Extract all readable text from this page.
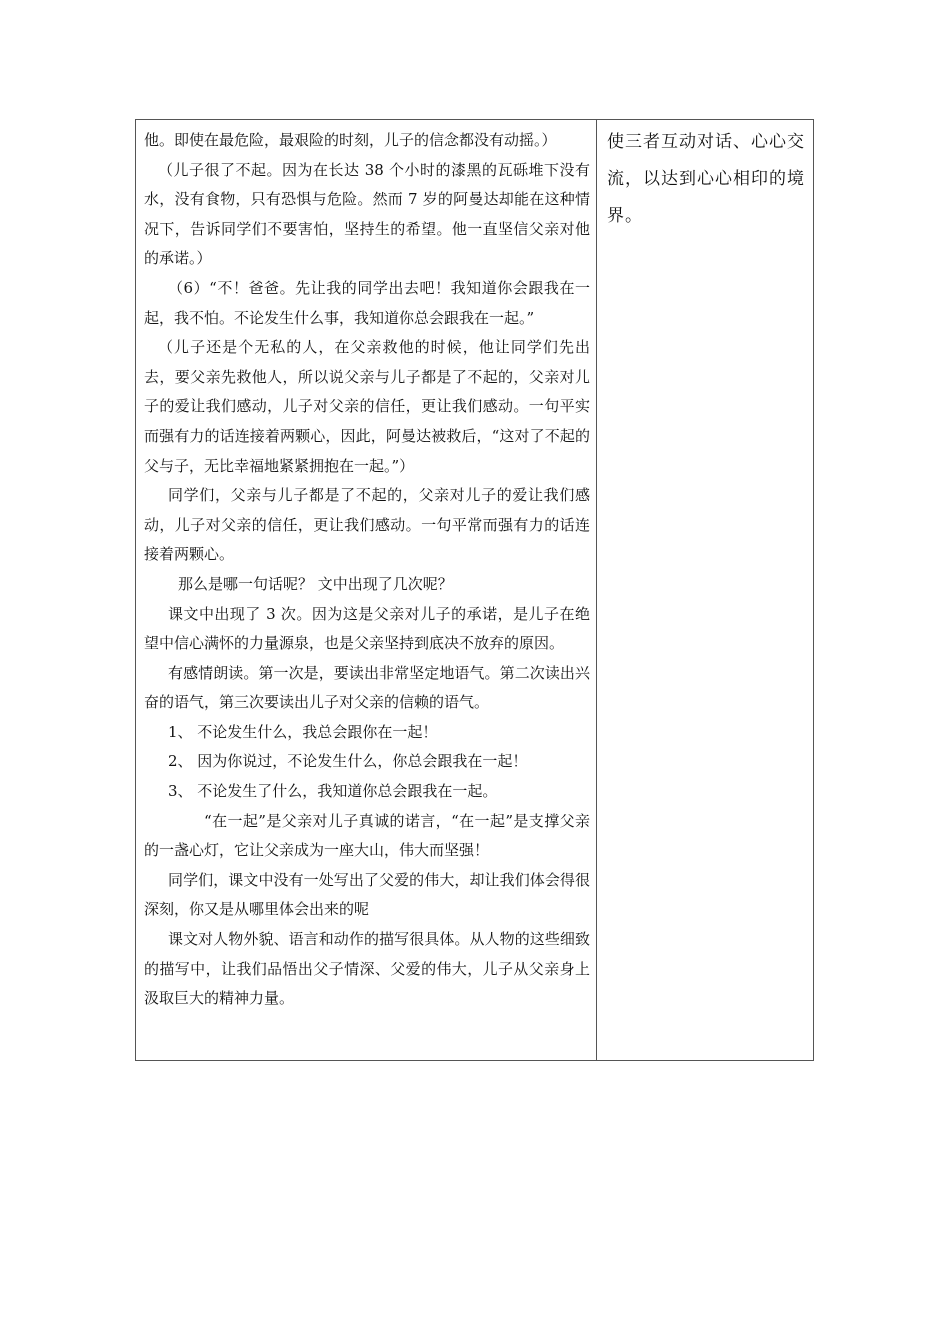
他。即使在最危险，最艰险的时刻，儿子的信念都没有动摇。）

（儿子很了不起。因为在长达 38 个小时的漆黑的瓦砾堆下没有水，没有食物，只有恐惧与危险。然而 7 岁的阿曼达却能在这种情况下，告诉同学们不要害怕，坚持生的希望。他一直坚信父亲对他的承诺。）

（6）“不！爸爸。先让我的同学出去吧！我知道你会跟我在一起，我不怕。不论发生什么事，我知道你总会跟我在一起。”

（儿子还是个无私的人，在父亲救他的时候，他让同学们先出去，要父亲先救他人，所以说父亲与儿子都是了不起的，父亲对儿子的爱让我们感动，儿子对父亲的信任，更让我们感动。一句平实而强有力的话连接着两颗心，因此，阿曼达被救后，“这对了不起的父与子，无比幸福地紧紧拥抱在一起。”）

同学们，父亲与儿子都是了不起的，父亲对儿子的爱让我们感动，儿子对父亲的信任，更让我们感动。一句平常而强有力的话连接着两颗心。

那么是哪一句话呢？ 文中出现了几次呢？

课文中出现了 3 次。因为这是父亲对儿子的承诺，是儿子在绝望中信心满怀的力量源泉，也是父亲坚持到底决不放弃的原因。

有感情朗读。第一次是，要读出非常坚定地语气。第二次读出兴奋的语气，第三次要读出儿子对父亲的信赖的语气。

1、 不论发生什么，我总会跟你在一起！

2、 因为你说过，不论发生什么，你总会跟我在一起！

3、 不论发生了什么，我知道你总会跟我在一起。

“在一起”是父亲对儿子真诚的诺言，“在一起”是支撑父亲的一盏心灯，它让父亲成为一座大山，伟大而坚强！

同学们，课文中没有一处写出了父爱的伟大，却让我们体会得很深刻，你又是从哪里体会出来的呢

课文对人物外貌、语言和动作的描写很具体。从人物的这些细致的描写中，让我们品悟出父子情深、父爱的伟大，儿子从父亲身上汲取巨大的精神力量。

使三者互动对话、心心交流，以达到心心相印的境界。
